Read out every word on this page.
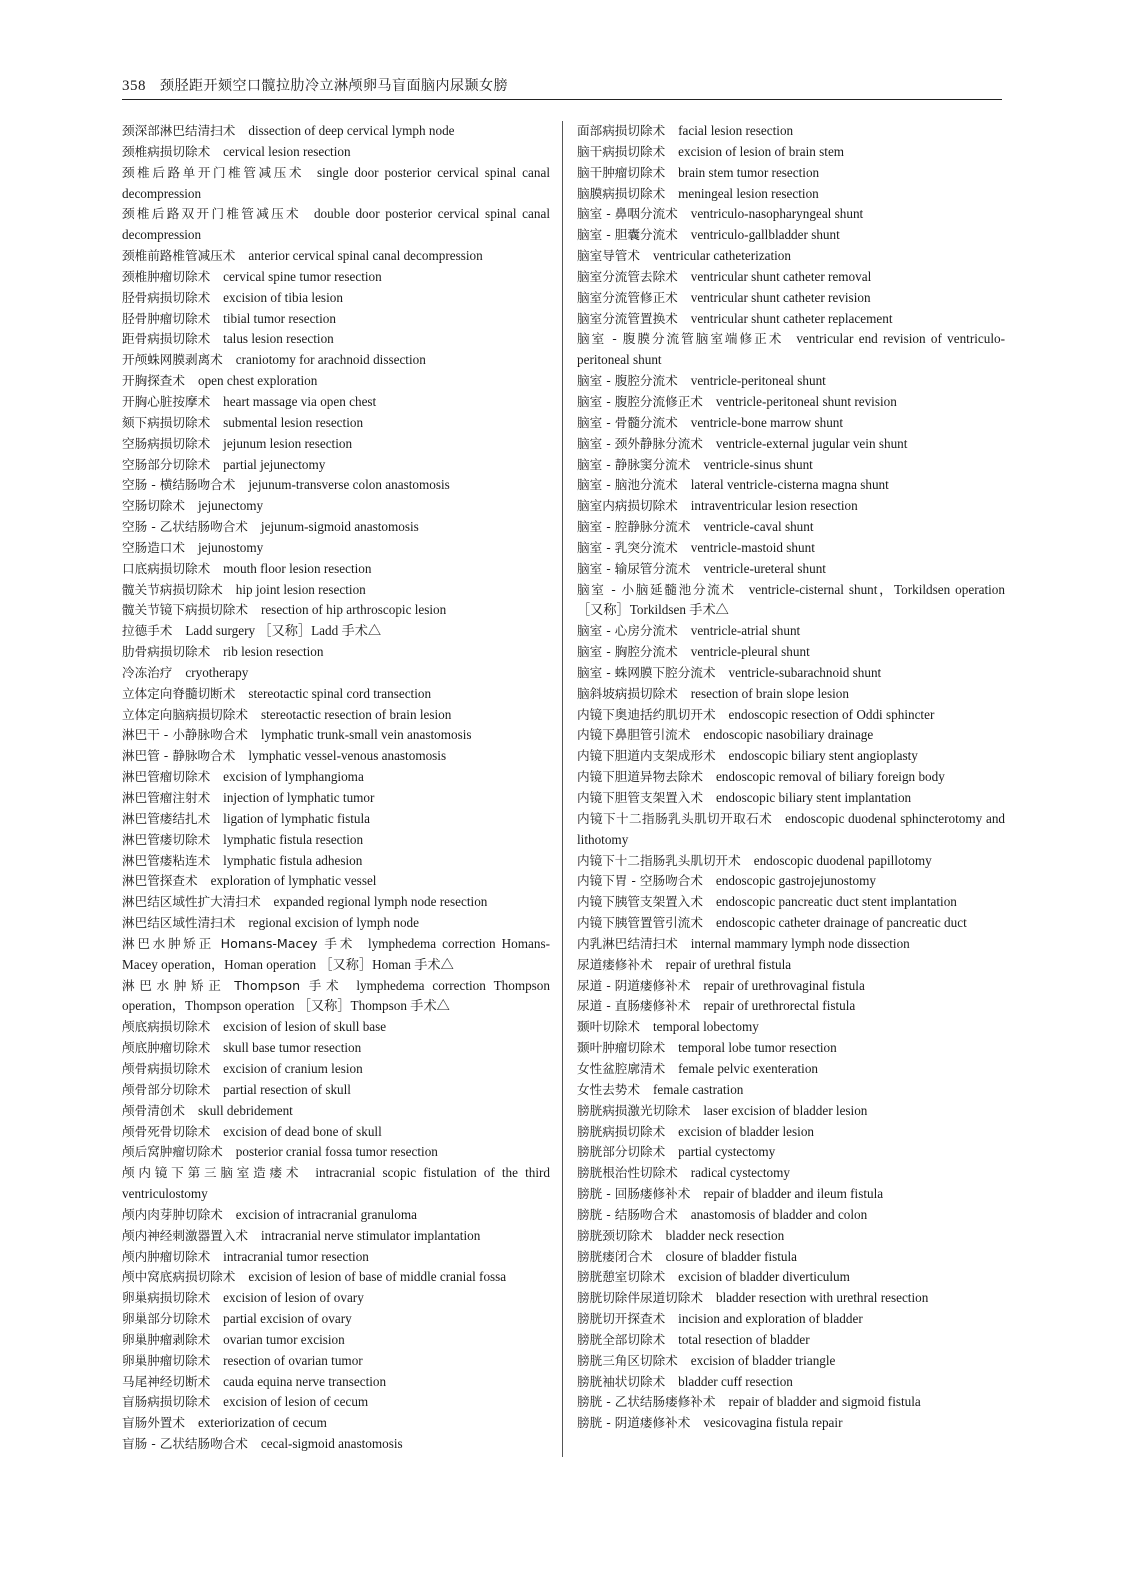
358 颈胫距开颏空口髋拉肋冷立淋颅卵马盲面脑内尿颞女膀
颈深部淋巴结清扫术 dissection of deep cervical lymph node
颈椎病损切除术 cervical lesion resection
颈椎后路单开门椎管减压术 single door posterior cervical spinal canal decompression
颈椎后路双开门椎管减压术 double door posterior cervical spinal canal decompression
颈椎前路椎管减压术 anterior cervical spinal canal decompression
颈椎肿瘤切除术 cervical spine tumor resection
胫骨病损切除术 excision of tibia lesion
胫骨肿瘤切除术 tibial tumor resection
距骨病损切除术 talus lesion resection
开颅蛛网膜剥离术 craniotomy for arachnoid dissection
开胸探查术 open chest exploration
开胸心脏按摩术 heart massage via open chest
颏下病损切除术 submental lesion resection
空肠病损切除术 jejunum lesion resection
空肠部分切除术 partial jejunectomy
空肠 - 横结肠吻合术 jejunum-transverse colon anastomosis
空肠切除术 jejunectomy
空肠 - 乙状结肠吻合术 jejunum-sigmoid anastomosis
空肠造口术 jejunostomy
口底病损切除术 mouth floor lesion resection
髋关节病损切除术 hip joint lesion resection
髋关节镜下病损切除术 resection of hip arthroscopic lesion
拉德手术 Ladd surgery ［又称］Ladd 手术△
肋骨病损切除术 rib lesion resection
冷冻治疗 cryotherapy
立体定向脊髓切断术 stereotactic spinal cord transection
立体定向脑病损切除术 stereotactic resection of brain lesion
淋巴干 - 小静脉吻合术 lymphatic trunk-small vein anastomosis
淋巴管 - 静脉吻合术 lymphatic vessel-venous anastomosis
淋巴管瘤切除术 excision of lymphangioma
淋巴管瘤注射术 injection of lymphatic tumor
淋巴管瘘结扎术 ligation of lymphatic fistula
淋巴管瘘切除术 lymphatic fistula resection
淋巴管瘘粘连术 lymphatic fistula adhesion
淋巴管探查术 exploration of lymphatic vessel
淋巴结区域性扩大清扫术 expanded regional lymph node resection
淋巴结区域性清扫术 regional excision of lymph node
淋巴水肿矫正 Homans-Macey 手术 lymphedema correction Homans-Macey operation，Homan operation ［又称］Homan 手术△
淋巴水肿矫正 Thompson 手术 lymphedema correction Thompson operation，Thompson operation ［又称］Thompson 手术△
颅底病损切除术 excision of lesion of skull base
颅底肿瘤切除术 skull base tumor resection
颅骨病损切除术 excision of cranium lesion
颅骨部分切除术 partial resection of skull
颅骨清创术 skull debridement
颅骨死骨切除术 excision of dead bone of skull
颅后窝肿瘤切除术 posterior cranial fossa tumor resection
颅内镜下第三脑室造瘘术 intracranial scopic fistulation of the third ventriculostomy
颅内肉芽肿切除术 excision of intracranial granuloma
颅内神经刺激器置入术 intracranial nerve stimulator implantation
颅内肿瘤切除术 intracranial tumor resection
颅中窝底病损切除术 excision of lesion of base of middle cranial fossa
卵巢病损切除术 excision of lesion of ovary
卵巢部分切除术 partial excision of ovary
卵巢肿瘤剥除术 ovarian tumor excision
卵巢肿瘤切除术 resection of ovarian tumor
马尾神经切断术 cauda equina nerve transection
盲肠病损切除术 excision of lesion of cecum
盲肠外置术 exteriorization of cecum
盲肠 - 乙状结肠吻合术 cecal-sigmoid anastomosis
面部病损切除术 facial lesion resection
脑干病损切除术 excision of lesion of brain stem
脑干肿瘤切除术 brain stem tumor resection
脑膜病损切除术 meningeal lesion resection
脑室 - 鼻咽分流术 ventriculo-nasopharyngeal shunt
脑室 - 胆囊分流术 ventriculo-gallbladder shunt
脑室导管术 ventricular catheterization
脑室分流管去除术 ventricular shunt catheter removal
脑室分流管修正术 ventricular shunt catheter revision
脑室分流管置换术 ventricular shunt catheter replacement
脑室 - 腹膜分流管脑室端修正术 ventricular end revision of ventriculo-peritoneal shunt
脑室 - 腹腔分流术 ventricle-peritoneal shunt
脑室 - 腹腔分流修正术 ventricle-peritoneal shunt revision
脑室 - 骨髓分流术 ventricle-bone marrow shunt
脑室 - 颈外静脉分流术 ventricle-external jugular vein shunt
脑室 - 静脉窦分流术 ventricle-sinus shunt
脑室 - 脑池分流术 lateral ventricle-cisterna magna shunt
脑室内病损切除术 intraventricular lesion resection
脑室 - 腔静脉分流术 ventricle-caval shunt
脑室 - 乳突分流术 ventricle-mastoid shunt
脑室 - 输尿管分流术 ventricle-ureteral shunt
脑室 - 小脑延髓池分流术 ventricle-cisternal shunt，Torkildsen operation ［又称］Torkildsen 手术△
脑室 - 心房分流术 ventricle-atrial shunt
脑室 - 胸腔分流术 ventricle-pleural shunt
脑室 - 蛛网膜下腔分流术 ventricle-subarachnoid shunt
脑斜坡病损切除术 resection of brain slope lesion
内镜下奥迪括约肌切开术 endoscopic resection of Oddi sphincter
内镜下鼻胆管引流术 endoscopic nasobiliary drainage
内镜下胆道内支架成形术 endoscopic biliary stent angioplasty
内镜下胆道异物去除术 endoscopic removal of biliary foreign body
内镜下胆管支架置入术 endoscopic biliary stent implantation
内镜下十二指肠乳头肌切开取石术 endoscopic duodenal sphincterotomy and lithotomy
内镜下十二指肠乳头肌切开术 endoscopic duodenal papillotomy
内镜下胃 - 空肠吻合术 endoscopic gastrojejunostomy
内镜下胰管支架置入术 endoscopic pancreatic duct stent implantation
内镜下胰管置管引流术 endoscopic catheter drainage of pancreatic duct
内乳淋巴结清扫术 internal mammary lymph node dissection
尿道瘘修补术 repair of urethral fistula
尿道 - 阴道瘘修补术 repair of urethrovaginal fistula
尿道 - 直肠瘘修补术 repair of urethrorectal fistula
颞叶切除术 temporal lobectomy
颞叶肿瘤切除术 temporal lobe tumor resection
女性盆腔廓清术 female pelvic exenteration
女性去势术 female castration
膀胱病损激光切除术 laser excision of bladder lesion
膀胱病损切除术 excision of bladder lesion
膀胱部分切除术 partial cystectomy
膀胱根治性切除术 radical cystectomy
膀胱 - 回肠瘘修补术 repair of bladder and ileum fistula
膀胱 - 结肠吻合术 anastomosis of bladder and colon
膀胱颈切除术 bladder neck resection
膀胱瘘闭合术 closure of bladder fistula
膀胱憩室切除术 excision of bladder diverticulum
膀胱切除伴尿道切除术 bladder resection with urethral resection
膀胱切开探查术 incision and exploration of bladder
膀胱全部切除术 total resection of bladder
膀胱三角区切除术 excision of bladder triangle
膀胱袖状切除术 bladder cuff resection
膀胱 - 乙状结肠瘘修补术 repair of bladder and sigmoid fistula
膀胱 - 阴道瘘修补术 vesicovagina fistula repair
